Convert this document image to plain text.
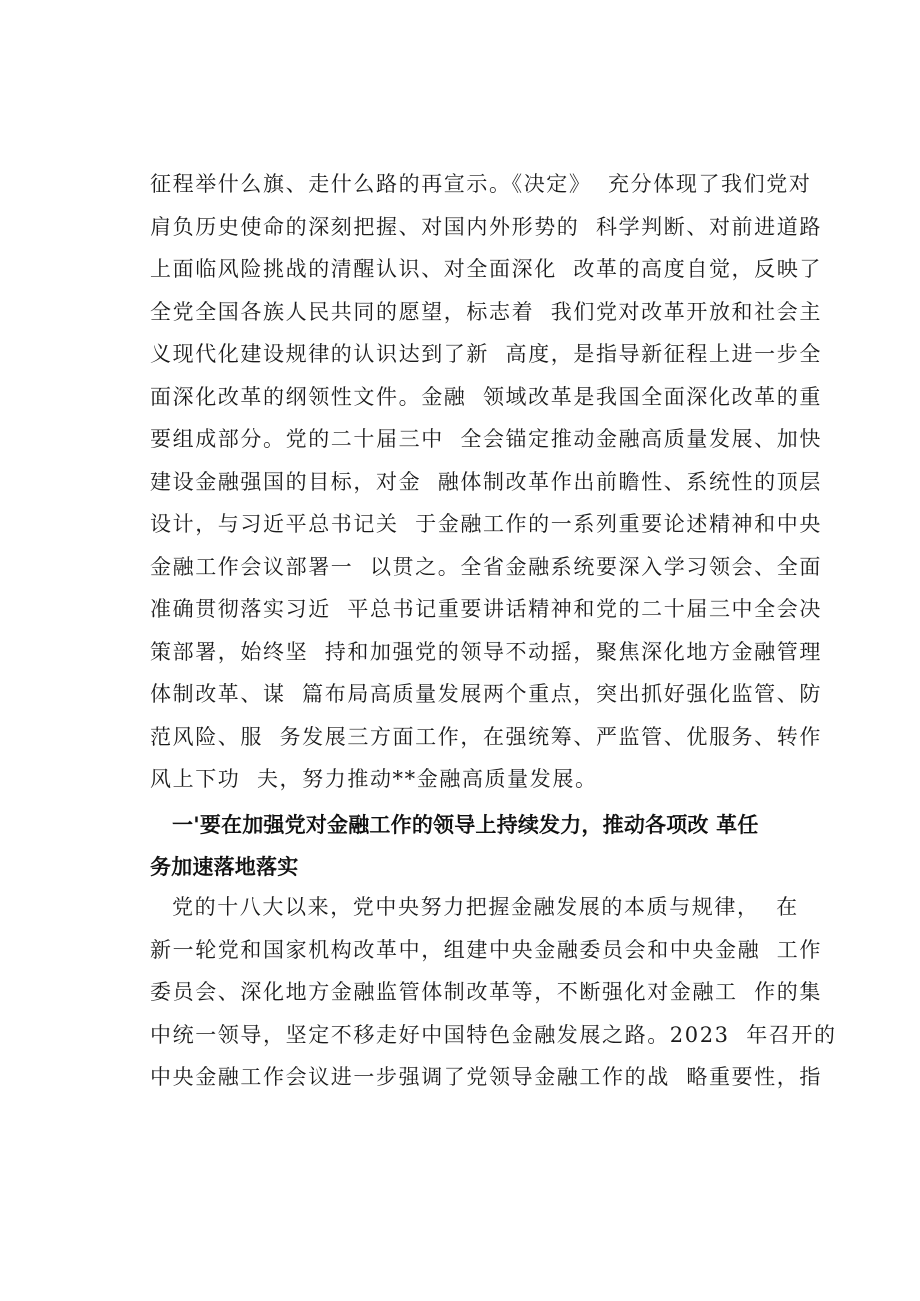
征程举什么旗、走什么路的再宣示。《决定》  充分体现了我们党对
肩负历史使命的深刻把握、对国内外形势的  科学判断、对前进道路
上面临风险挑战的清醒认识、对全面深化  改革的高度自觉，反映了
全党全国各族人民共同的愿望，标志着  我们党对改革开放和社会主
义现代化建设规律的认识达到了新  高度，是指导新征程上进一步全
面深化改革的纲领性文件。金融  领域改革是我国全面深化改革的重
要组成部分。党的二十届三中  全会锚定推动金融高质量发展、加快
建设金融强国的目标，对金  融体制改革作出前瞻性、系统性的顶层
设计，与习近平总书记关  于金融工作的一系列重要论述精神和中央
金融工作会议部署一  以贯之。全省金融系统要深入学习领会、全面
准确贯彻落实习近  平总书记重要讲话精神和党的二十届三中全会决
策部署，始终坚  持和加强党的领导不动摇，聚焦深化地方金融管理
体制改革、谋  篇布局高质量发展两个重点，突出抓好强化监管、防
范风险、服  务发展三方面工作，在强统筹、严监管、优服务、转作
风上下功  夫，努力推动**金融高质量发展。
一'要在加强党对金融工作的领导上持续发力，推动各项改 革任
务加速落地落实
党的十八大以来，党中央努力把握金融发展的本质与规律，  在
新一轮党和国家机构改革中，组建中央金融委员会和中央金融  工作
委员会、深化地方金融监管体制改革等，不断强化对金融工  作的集
中统一领导，坚定不移走好中国特色金融发展之路。2023  年召开的
中央金融工作会议进一步强调了党领导金融工作的战  略重要性，指
